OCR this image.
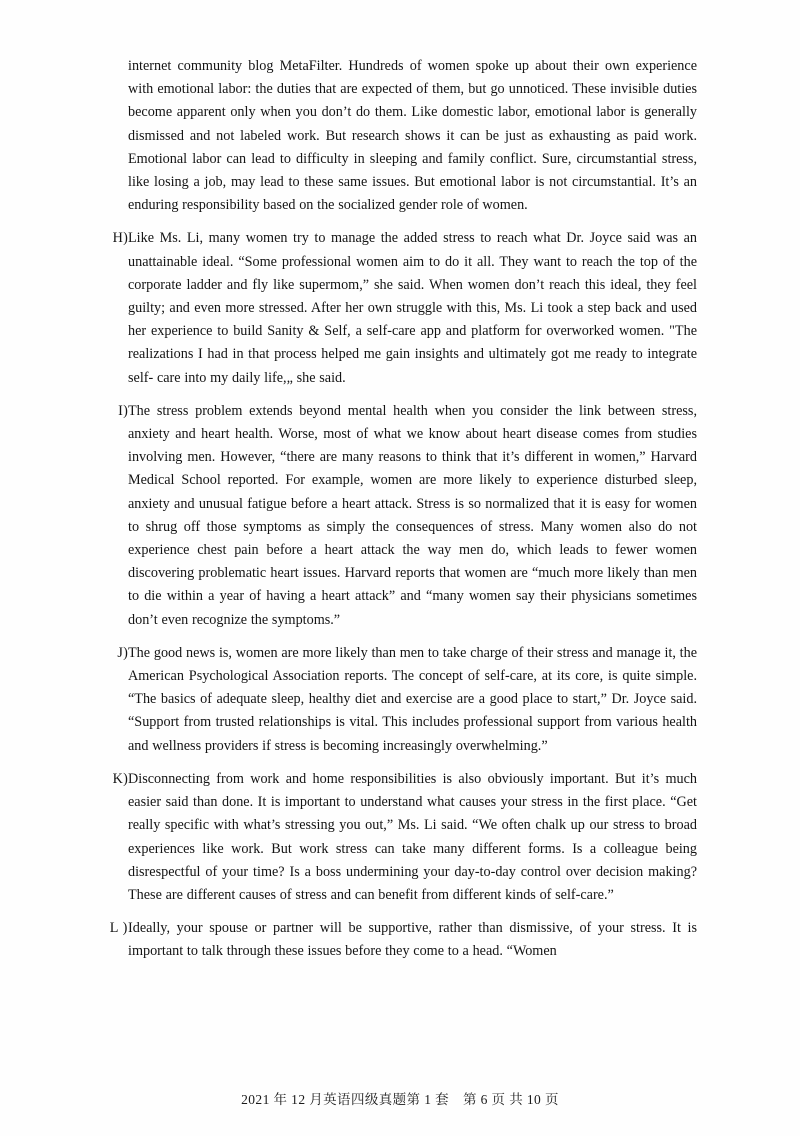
internet community blog MetaFilter. Hundreds of women spoke up about their own experience with emotional labor: the duties that are expected of them, but go unnoticed. These invisible duties become apparent only when you don’t do them. Like domestic labor, emotional labor is generally dismissed and not labeled work. But research shows it can be just as exhausting as paid work. Emotional labor can lead to difficulty in sleeping and family conflict. Sure, circumstantial stress, like losing a job, may lead to these same issues. But emotional labor is not circumstantial. It’s an enduring responsibility based on the socialized gender role of women.
H) Like Ms. Li, many women try to manage the added stress to reach what Dr. Joyce said was an unattainable ideal. “Some professional women aim to do it all. They want to reach the top of the corporate ladder and fly like supermom,” she said. When women don’t reach this ideal, they feel guilty; and even more stressed. After her own struggle with this, Ms. Li took a step back and used her experience to build Sanity & Self, a self-care app and platform for overworked women. "The realizations I had in that process helped me gain insights and ultimately got me ready to integrate self- care into my daily life,„ she said.
I) The stress problem extends beyond mental health when you consider the link between stress, anxiety and heart health. Worse, most of what we know about heart disease comes from studies involving men. However, “there are many reasons to think that it’s different in women,” Harvard Medical School reported. For example, women are more likely to experience disturbed sleep, anxiety and unusual fatigue before a heart attack. Stress is so normalized that it is easy for women to shrug off those symptoms as simply the consequences of stress. Many women also do not experience chest pain before a heart attack the way men do, which leads to fewer women discovering problematic heart issues. Harvard reports that women are “much more likely than men to die within a year of having a heart attack” and “many women say their physicians sometimes don’t even recognize the symptoms.”
J) The good news is, women are more likely than men to take charge of their stress and manage it, the American Psychological Association reports. The concept of self-care, at its core, is quite simple. “The basics of adequate sleep, healthy diet and exercise are a good place to start,” Dr. Joyce said. “Support from trusted relationships is vital. This includes professional support from various health and wellness providers if stress is becoming increasingly overwhelming.”
K) Disconnecting from work and home responsibilities is also obviously important. But it’s much easier said than done. It is important to understand what causes your stress in the first place. “Get really specific with what’s stressing you out,” Ms. Li said. “We often chalk up our stress to broad experiences like work. But work stress can take many different forms. Is a colleague being disrespectful of your time? Is a boss undermining your day-to-day control over decision making? These are different causes of stress and can benefit from different kinds of self-care.”
L ) Ideally, your spouse or partner will be supportive, rather than dismissive, of your stress. It is important to talk through these issues before they come to a head. “Women
2021 年 12 月英语四级真题第 1 套　第 6 页 共 10 页
